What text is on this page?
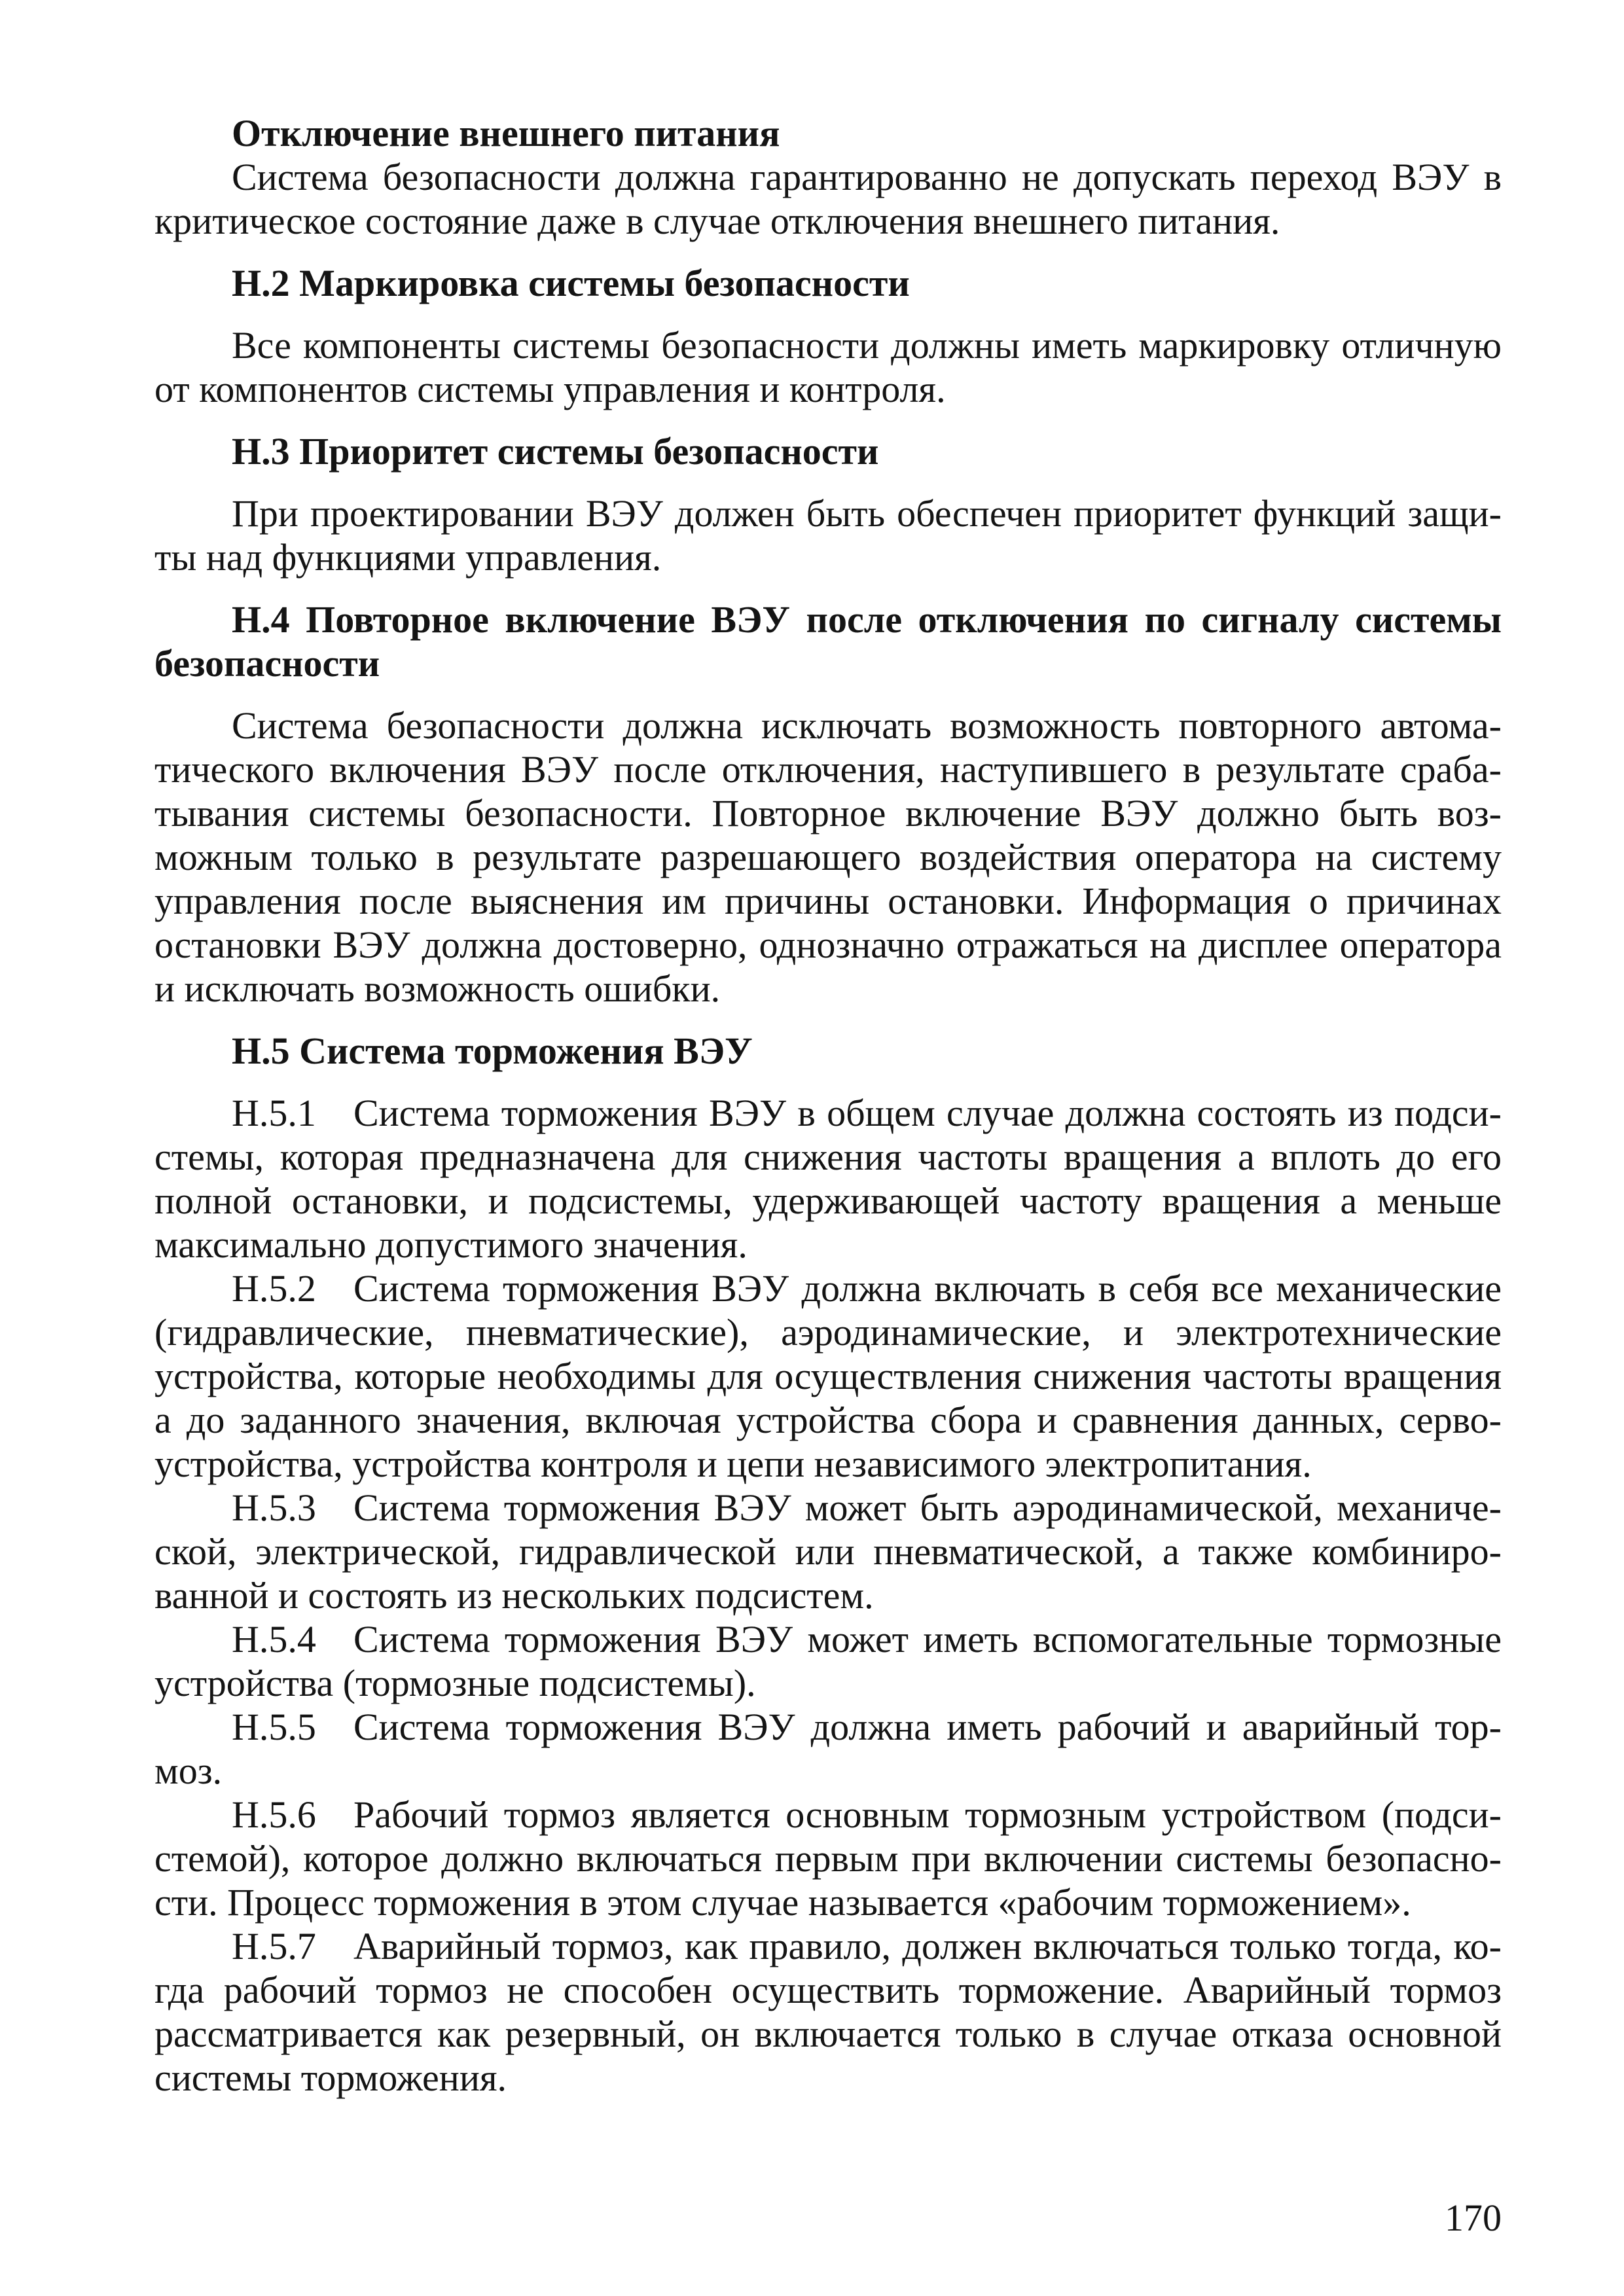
Отключение внешнего питания

Система безопасности должна гарантированно не допускать переход ВЭУ в критическое состояние даже в случае отключения внешнего питания.

Н.2 Маркировка системы безопасности

Все компоненты системы безопасности должны иметь маркировку отличную от компонентов системы управления и контроля.

Н.3 Приоритет системы безопасности

При проектировании ВЭУ должен быть обеспечен приоритет функций защиты над функциями управления.

Н.4 Повторное включение ВЭУ после отключения по сигналу системы безопасности

Система безопасности должна исключать возможность повторного автоматического включения ВЭУ после отключения, наступившего в результате срабатывания системы безопасности. Повторное включение ВЭУ должно быть возможным только в результате разрешающего воздействия оператора на систему управления после выяснения им причины остановки. Информация о причинах остановки ВЭУ должна достоверно, однозначно отражаться на дисплее оператора и исключать возможность ошибки.

Н.5 Система торможения ВЭУ

Н.5.1 Система торможения ВЭУ в общем случае должна состоять из подсистемы, которая предназначена для снижения частоты вращения a вплоть до его полной остановки, и подсистемы, удерживающей частоту вращения a меньше максимально допустимого значения.

Н.5.2 Система торможения ВЭУ должна включать в себя все механические (гидравлические, пневматические), аэродинамические, и электротехнические устройства, которые необходимы для осуществления снижения частоты вращения a до заданного значения, включая устройства сбора и сравнения данных, сервоустройства, устройства контроля и цепи независимого электропитания.

Н.5.3 Система торможения ВЭУ может быть аэродинамической, механической, электрической, гидравлической или пневматической, а также комбинированной и состоять из нескольких подсистем.

Н.5.4 Система торможения ВЭУ может иметь вспомогательные тормозные устройства (тормозные подсистемы).

Н.5.5 Система торможения ВЭУ должна иметь рабочий и аварийный тормоз.

Н.5.6 Рабочий тормоз является основным тормозным устройством (подсистемой), которое должно включаться первым при включении системы безопасности. Процесс торможения в этом случае называется «рабочим торможением».

Н.5.7 Аварийный тормоз, как правило, должен включаться только тогда, когда рабочий тормоз не способен осуществить торможение. Аварийный тормоз рассматривается как резервный, он включается только в случае отказа основной системы торможения.

170
